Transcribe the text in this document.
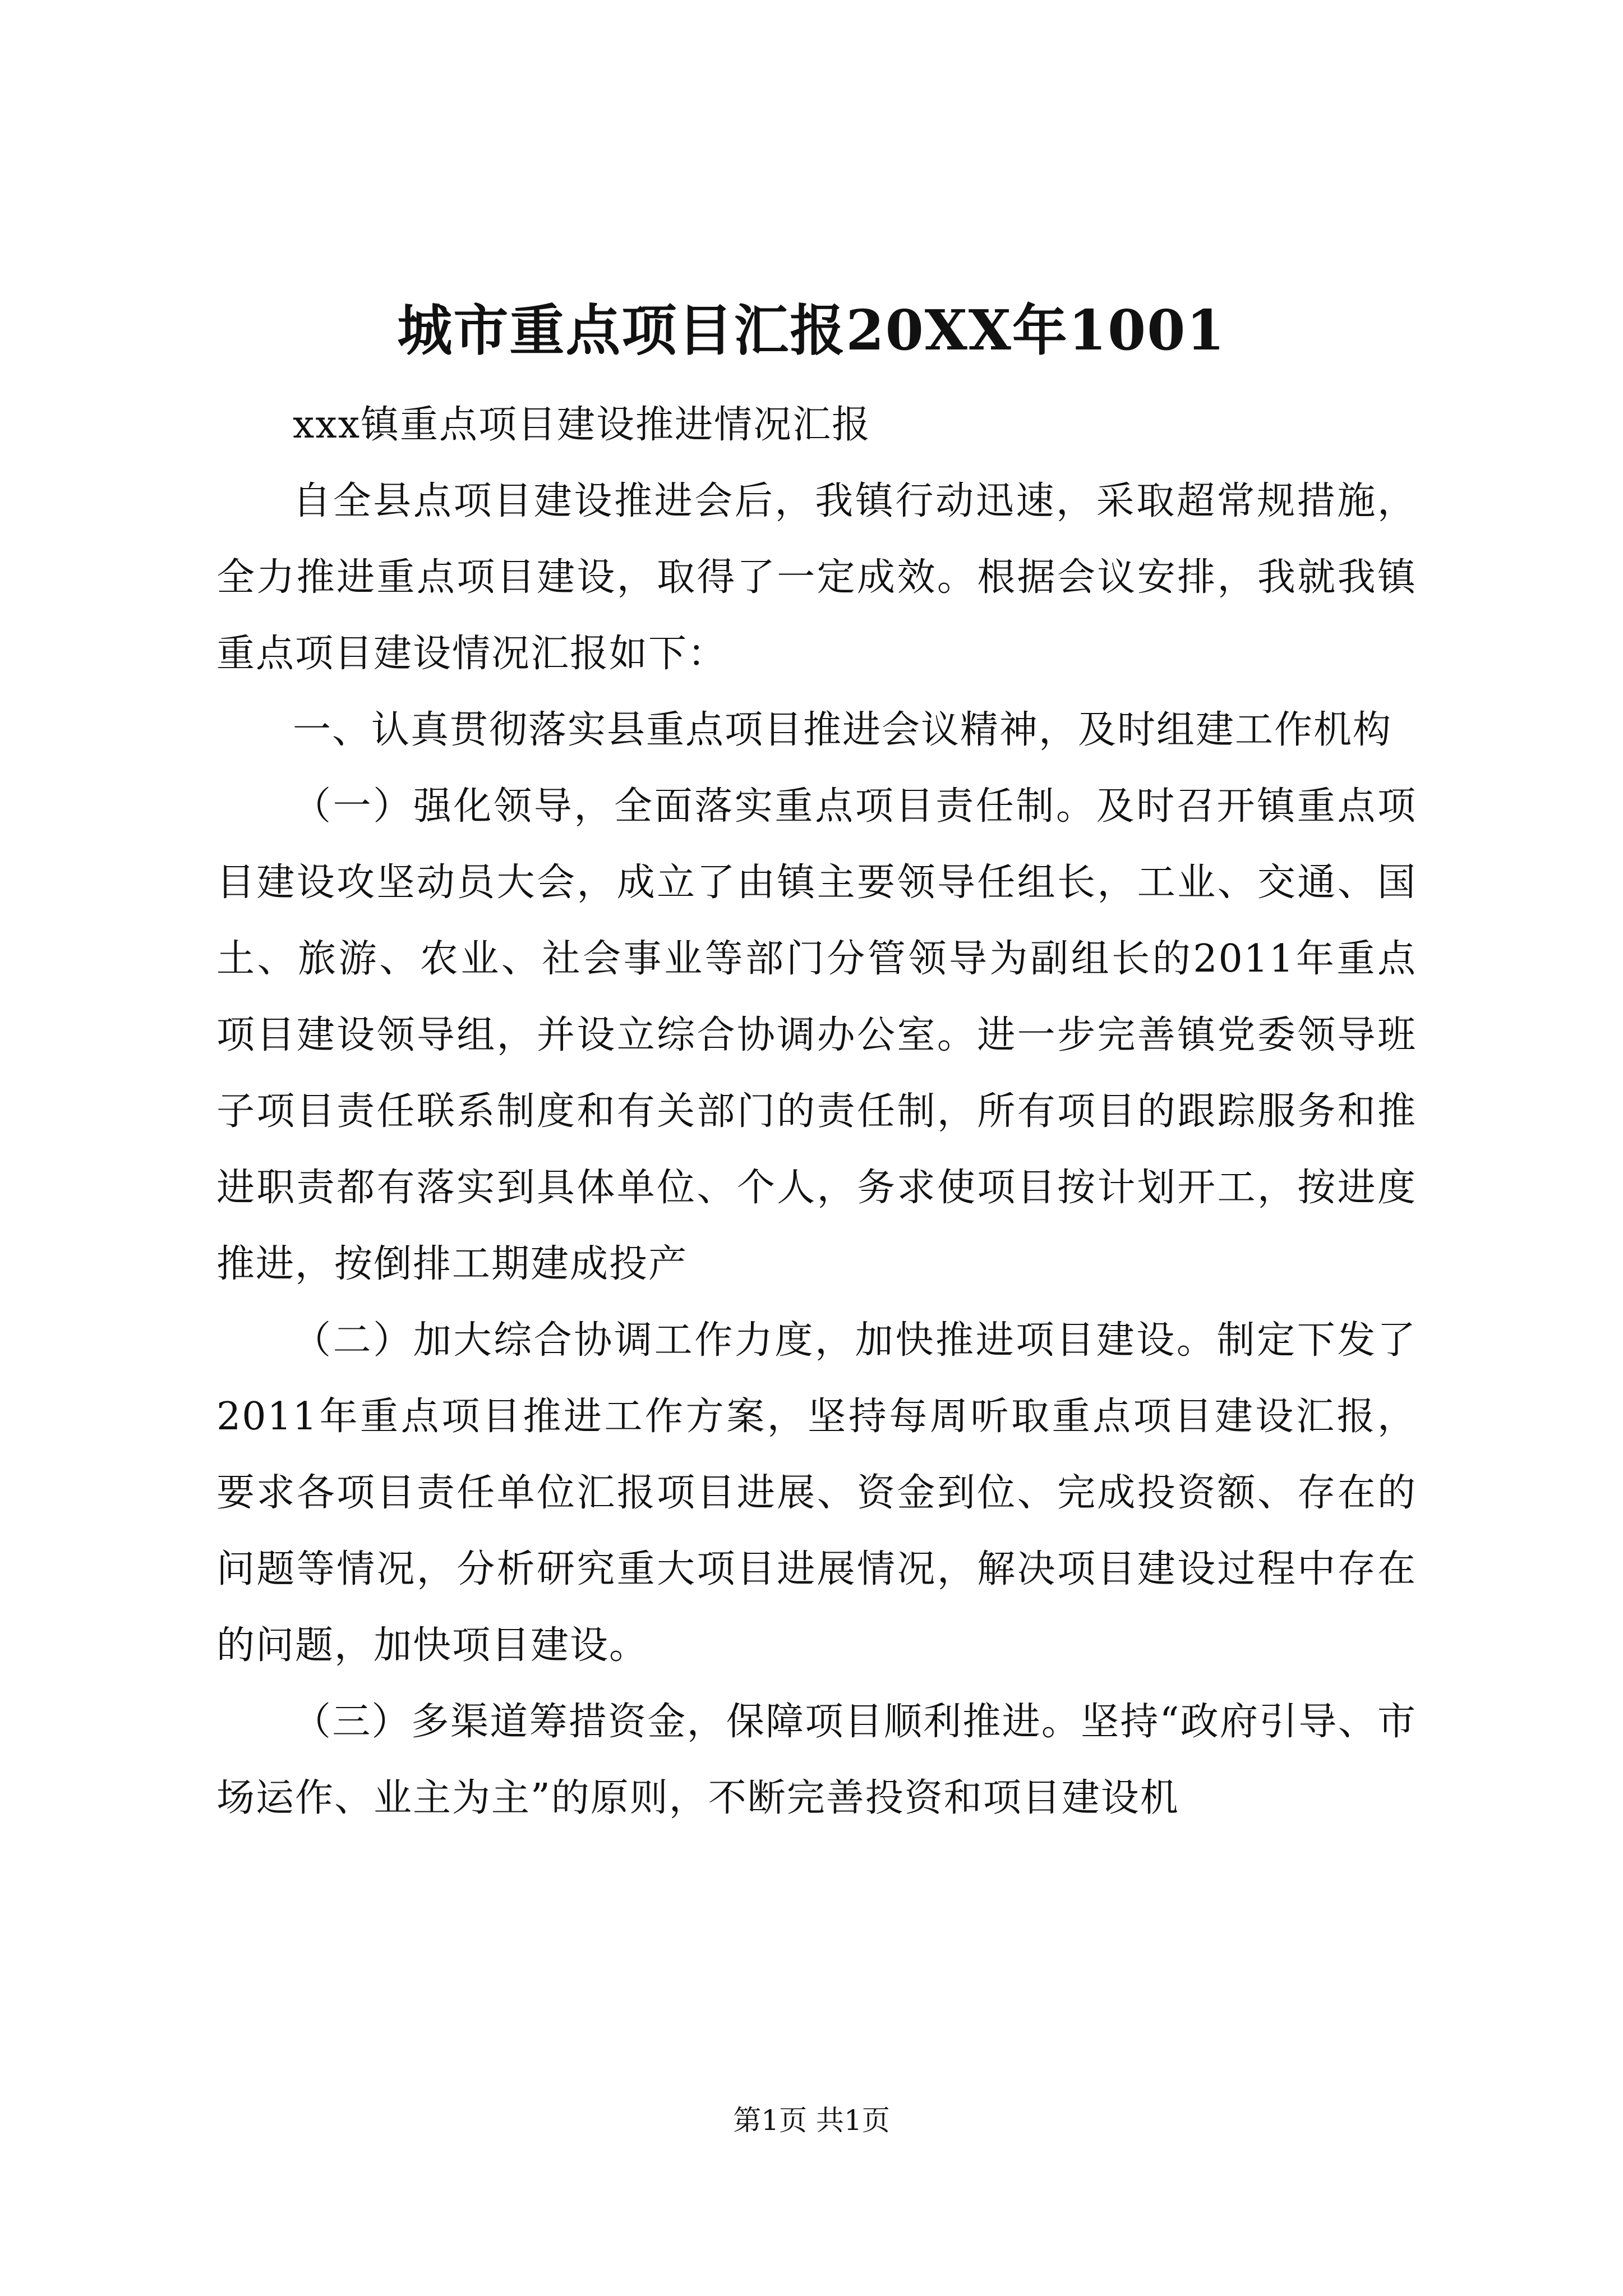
城市重点项目汇报20XX年1001

xxx镇重点项目建设推进情况汇报

自全县点项目建设推进会后，我镇行动迅速，采取超常规措施，全力推进重点项目建设，取得了一定成效。根据会议安排，我就我镇重点项目建设情况汇报如下：

一、认真贯彻落实县重点项目推进会议精神，及时组建工作机构

（一）强化领导，全面落实重点项目责任制。及时召开镇重点项目建设攻坚动员大会，成立了由镇主要领导任组长，工业、交通、国土、旅游、农业、社会事业等部门分管领导为副组长的2011年重点项目建设领导组，并设立综合协调办公室。进一步完善镇党委领导班子项目责任联系制度和有关部门的责任制，所有项目的跟踪服务和推进职责都有落实到具体单位、个人，务求使项目按计划开工，按进度推进，按倒排工期建成投产

（二）加大综合协调工作力度，加快推进项目建设。制定下发了2011年重点项目推进工作方案，坚持每周听取重点项目建设汇报，要求各项目责任单位汇报项目进展、资金到位、完成投资额、存在的问题等情况，分析研究重大项目进展情况，解决项目建设过程中存在的问题，加快项目建设。

（三）多渠道筹措资金，保障项目顺利推进。坚持“政府引导、市场运作、业主为主”的原则，不断完善投资和项目建设机

第1页 共1页
